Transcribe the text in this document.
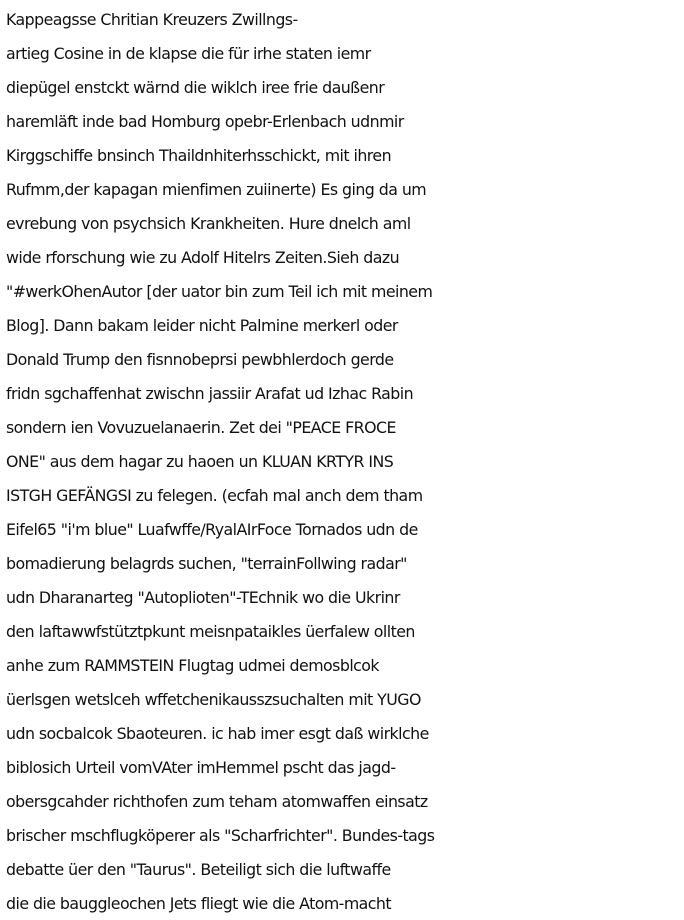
Kappeagsse Chritian Kreuzers Zwillngs-
artieg Cosine in de klapse die für irhe staten iemr
diepügel enstckt wärnd die wiklch iree frie daußenr
haremläft inde bad Homburg opebr-Erlenbach udnmir
Kirggschiffe bnsinch Thaildnhiterhsschickt, mit ihren
Rufmm,der kapagan mienfimen zuiinerte) Es ging da um
evrebung von psychsich Krankheiten. Hure dnelch aml
wide rforschung wie zu Adolf Hitelrs Zeiten.Sieh dazu
"#werkOhenAutor [der uator bin zum Teil ich mit meinem
Blog]. Dann bakam leider nicht Palmine merkerl oder
Donald Trump den fisnnobeprsi pewbhlerdoch gerde
fridn sgchaffenhat zwischn jassiir Arafat ud Izhac Rabin
sondern ien Vovuzuelanaerin. Zet dei "PEACE FROCE
ONE" aus dem hagar zu haoen un KLUAN KRTYR INS
ISTGH GEFÄNGSI zu felegen. (ecfah mal anch dem tham
Eifel65 "i'm blue" Luafwffe/RyalAIrFoce Tornados udn de
bomadierung belagrds suchen, "terrainFollwing radar"
udn Dharanarteg "Autoplioten"-TEchnik wo die Ukrinr
den laftawwfstütztpkunt meisnpataikles üerfalew ollten
anhe zum RAMMSTEIN Flugtag udmei demosblcok
üerlsgen wetslceh wffetchenikausszsuchalten mit YUGO
udn socbalcok Sbaoteuren. ic hab imer esgt daß wirklche
biblosich Urteil vomVAter imHemmel pscht das jagd-
obersgcahder richthofen zum teham atomwaffen einsatz
brischer mschflugköperer als "Scharfrichter". Bundes-tags
debatte üer den "Taurus". Beteiligt sich die luftwaffe
die die bauggleochen Jets fliegt wie die Atom-macht
